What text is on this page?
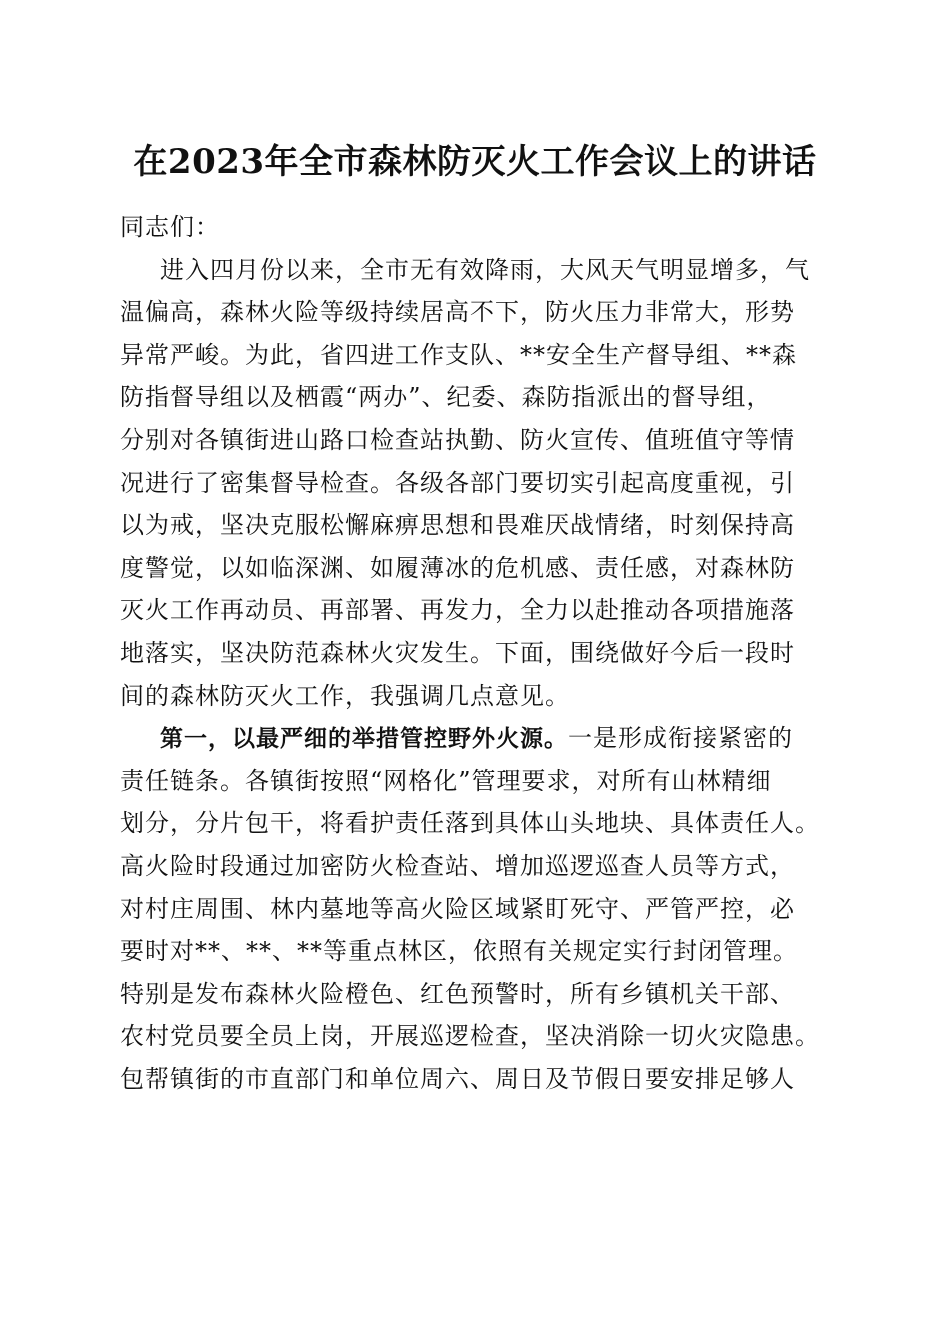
在2023年全市森林防灭火工作会议上的讲话

同志们：

进入四月份以来，全市无有效降雨，大风天气明显增多，气
温偏高，森林火险等级持续居高不下，防火压力非常大，形势
异常严峻。为此，省四进工作支队、**安全生产督导组、**森
防指督导组以及栖霞“两办”、纪委、森防指派出的督导组，
分别对各镇街进山路口检查站执勤、防火宣传、值班值守等情
况进行了密集督导检查。各级各部门要切实引起高度重视，引
以为戒，坚决克服松懈麻痹思想和畏难厌战情绪，时刻保持高
度警觉，以如临深渊、如履薄冰的危机感、责任感，对森林防
灭火工作再动员、再部署、再发力，全力以赴推动各项措施落
地落实，坚决防范森林火灾发生。下面，围绕做好今后一段时
间的森林防灭火工作，我强调几点意见。
第一，以最严细的举措管控野外火源。一是形成衔接紧密的
责任链条。各镇街按照“网格化”管理要求，对所有山林精细
划分，分片包干，将看护责任落到具体山头地块、具体责任人。
高火险时段通过加密防火检查站、增加巡逻巡查人员等方式，
对村庄周围、林内墓地等高火险区域紧盯死守、严管严控，必
要时对**、**、**等重点林区，依照有关规定实行封闭管理。
特别是发布森林火险橙色、红色预警时，所有乡镇机关干部、
农村党员要全员上岗，开展巡逻检查，坚决消除一切火灾隐患。
包帮镇街的市直部门和单位周六、周日及节假日要安排足够人
